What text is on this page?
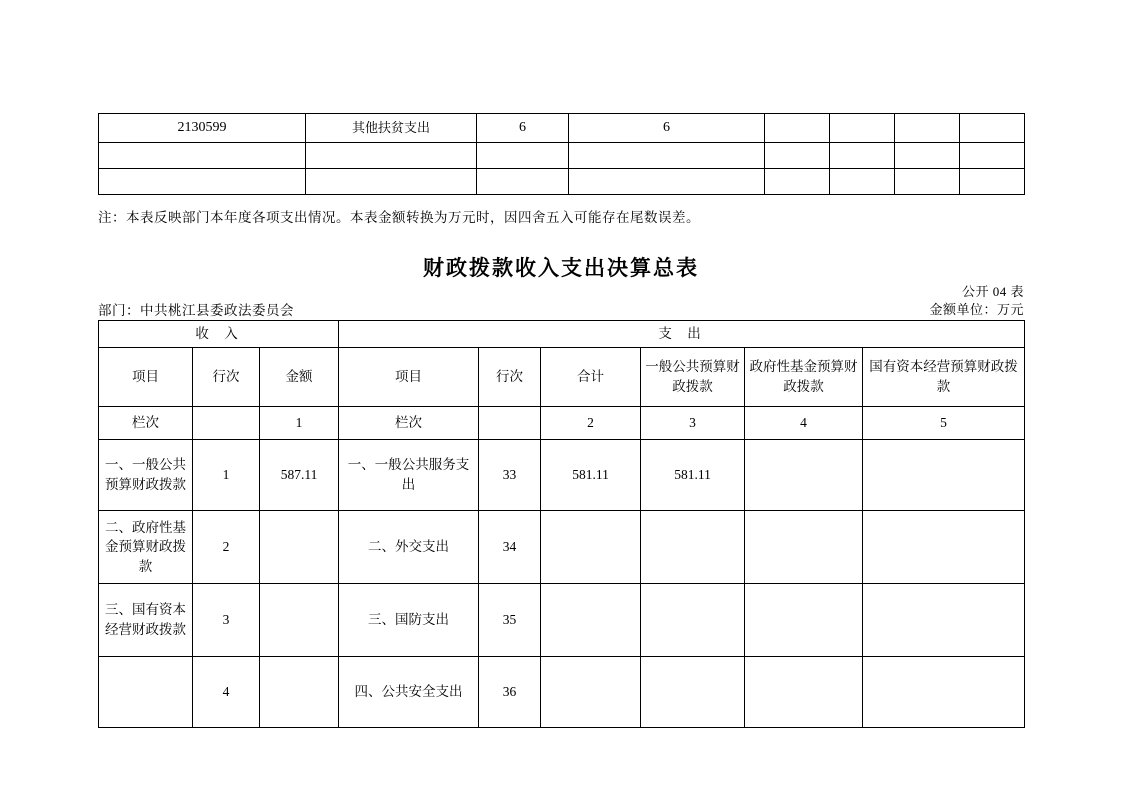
2130599	其他扶贫支出	6	6				

注：本表反映部门本年度各项支出情况。本表金额转换为万元时，因四舍五入可能存在尾数误差。
财政拨款收入支出决算总表
公开 04 表
部门：中共桃江县委政法委员会	金额单位：万元
收 入			支 出					
项目	行次	金额	项目	行次	合计	一般公共预算财政拨款	政府性基金预算财政拨款	国有资本经营预算财政拨款
栏次		1	栏次		2	3	4	5
一、一般公共预算财政拨款	1	587.11	一、一般公共服务支出	33	581.11	581.11		
二、政府性基金预算财政拨款	2		二、外交支出	34				
三、国有资本经营财政拨款	3		三、国防支出	35				
	4		四、公共安全支出	36				
